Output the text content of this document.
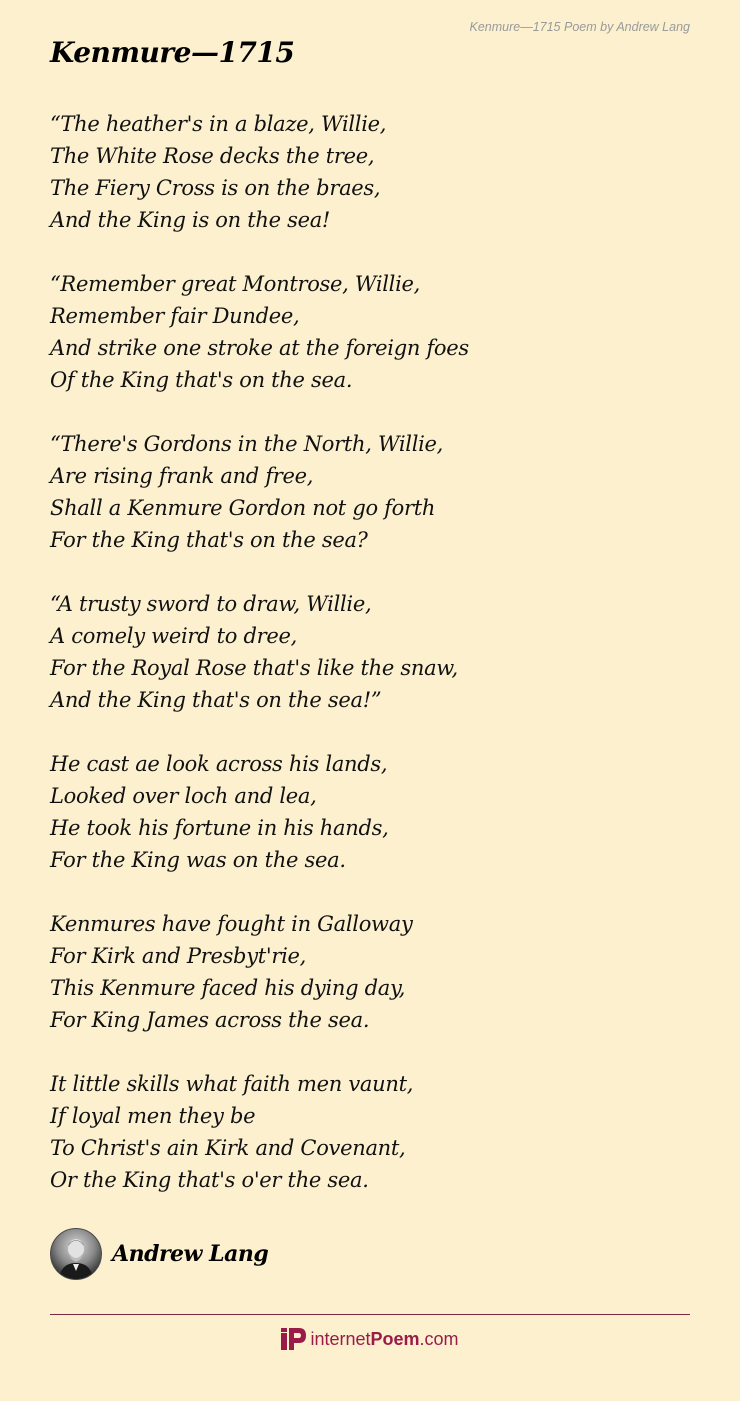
Kenmure—1715 Poem by Andrew Lang
Kenmure—1715
“The heather's in a blaze, Willie,
The White Rose decks the tree,
The Fiery Cross is on the braes,
And the King is on the sea!
“Remember great Montrose, Willie,
Remember fair Dundee,
And strike one stroke at the foreign foes
Of the King that's on the sea.
“There's Gordons in the North, Willie,
Are rising frank and free,
Shall a Kenmure Gordon not go forth
For the King that's on the sea?
“A trusty sword to draw, Willie,
A comely weird to dree,
For the Royal Rose that's like the snaw,
And the King that's on the sea!”
He cast ae look across his lands,
Looked over loch and lea,
He took his fortune in his hands,
For the King was on the sea.
Kenmures have fought in Galloway
For Kirk and Presbyt'rie,
This Kenmure faced his dying day,
For King James across the sea.
It little skills what faith men vaunt,
If loyal men they be
To Christ's ain Kirk and Covenant,
Or the King that's o'er the sea.
Andrew Lang
internetPoem.com
